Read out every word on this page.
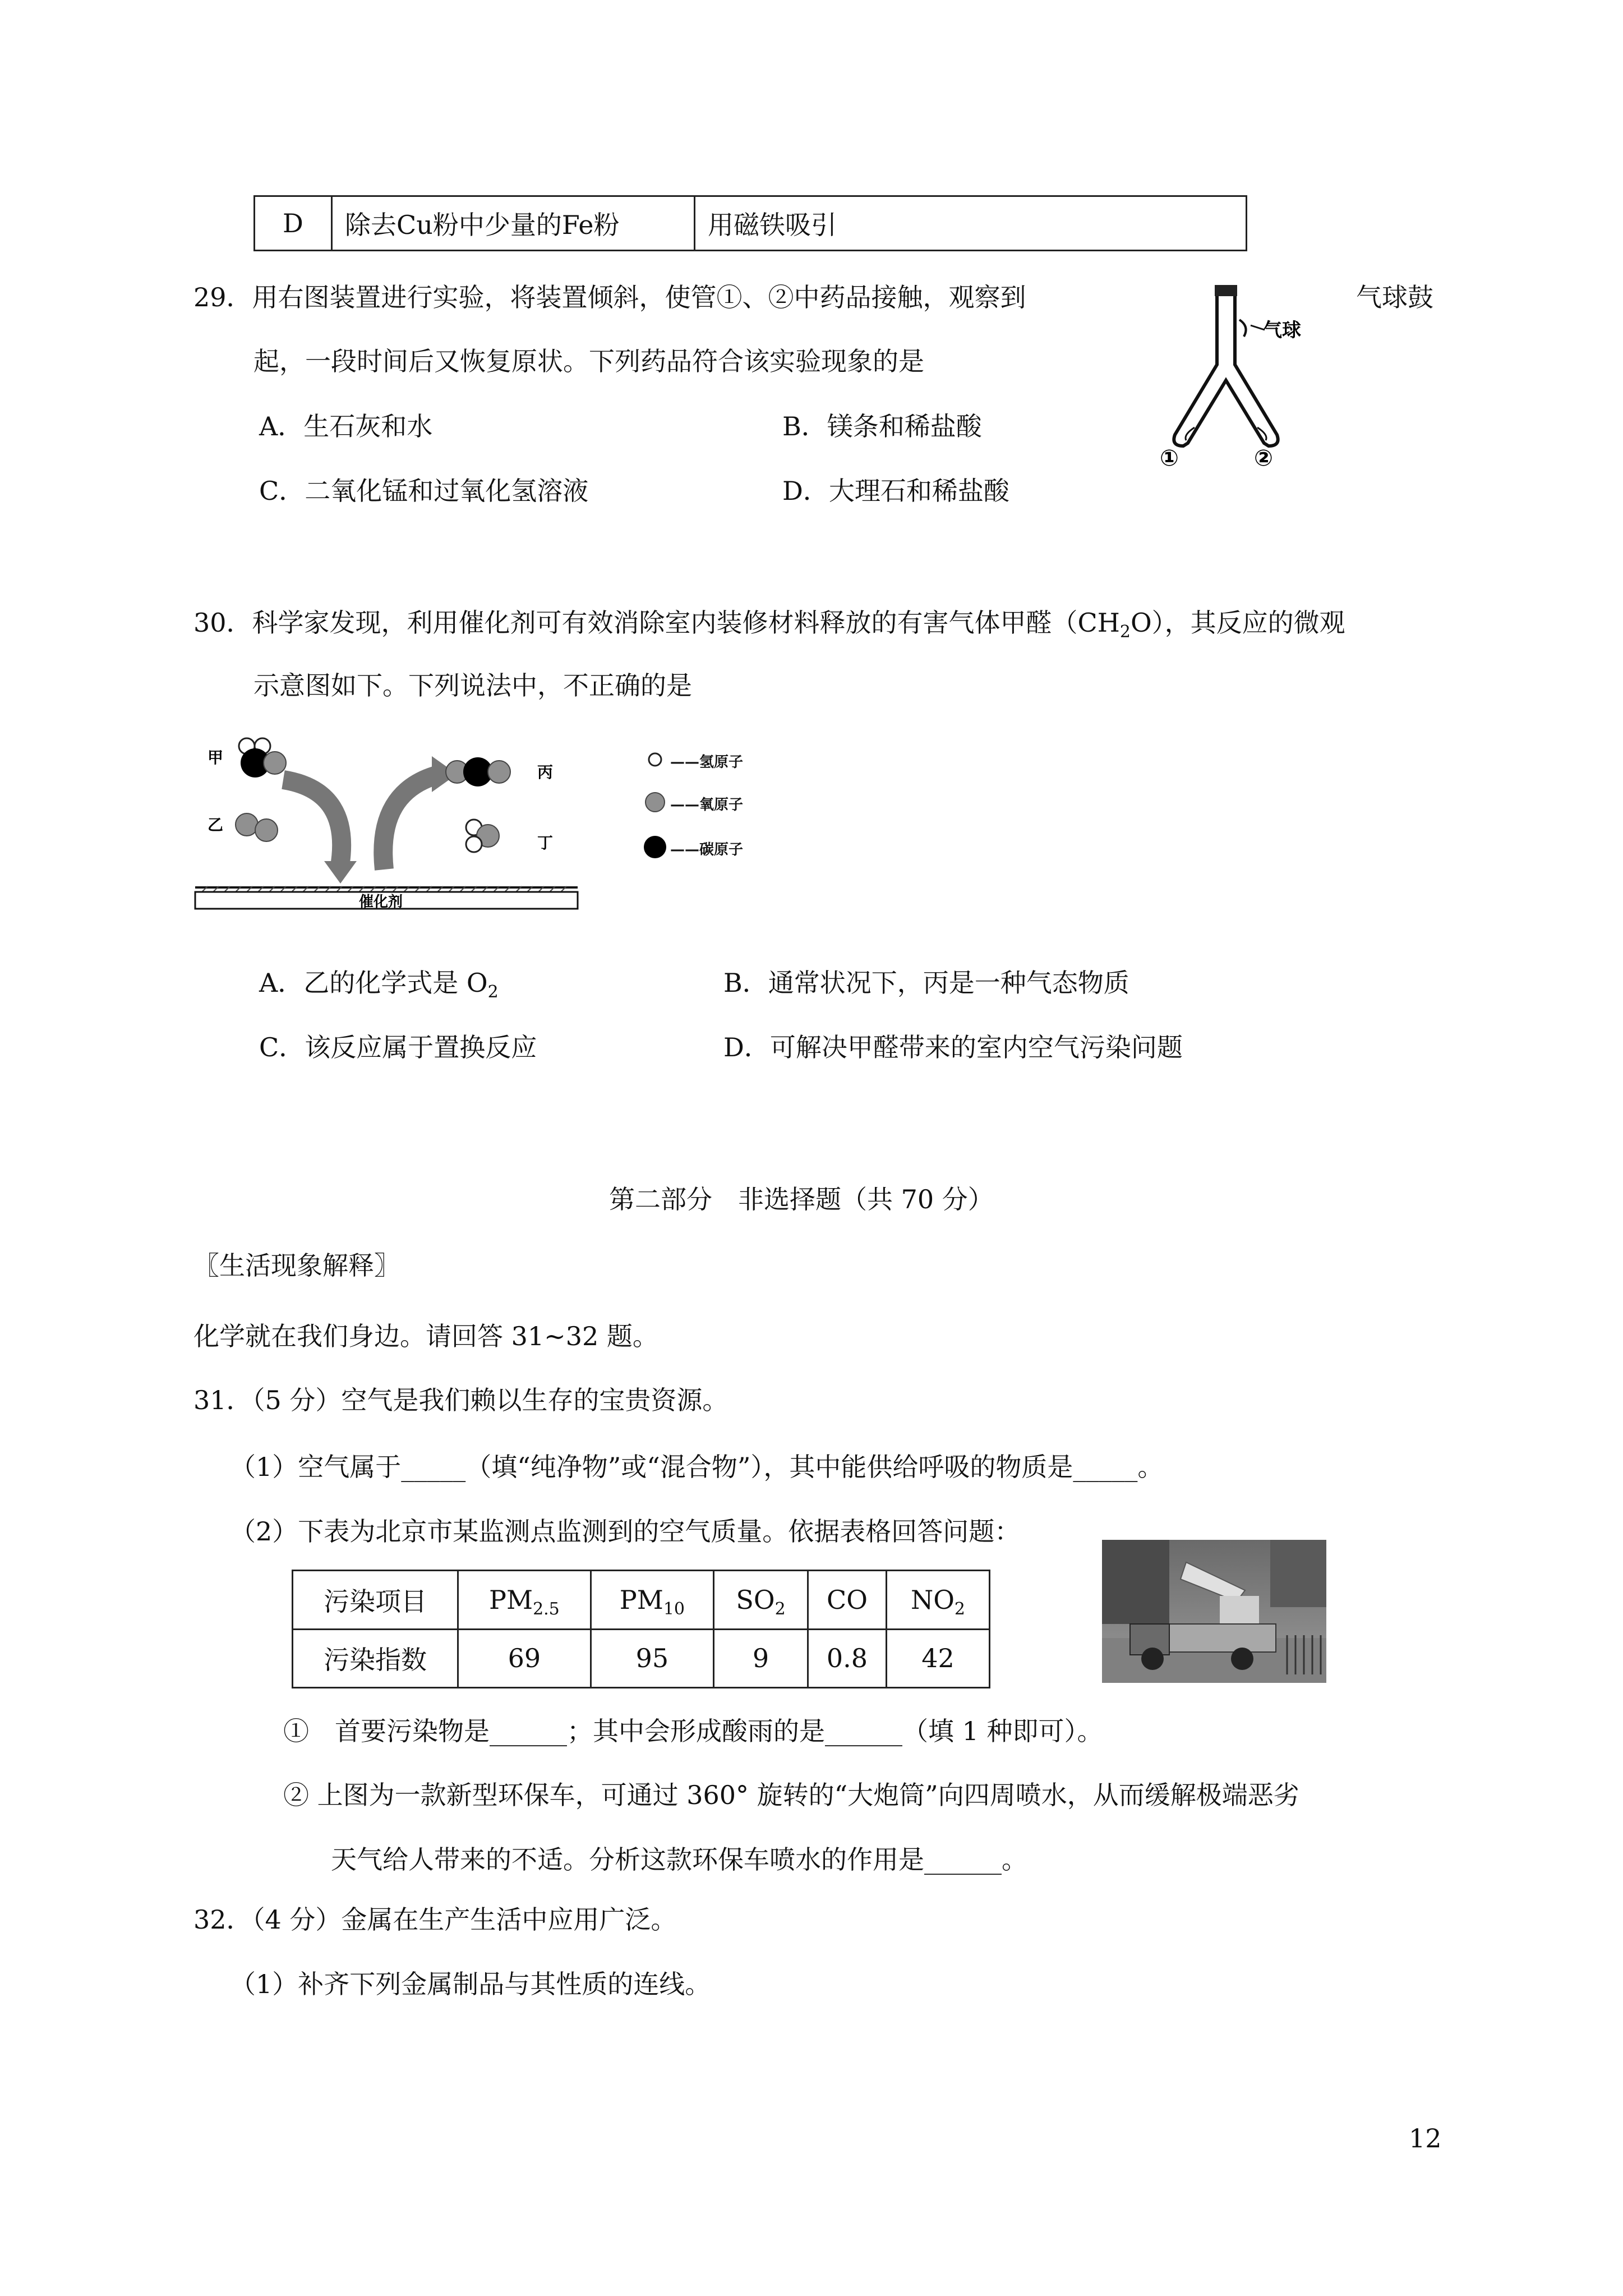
D	除去Cu粉中少量的Fe粉	用磁铁吸引
29．用右图装置进行实验，将装置倾斜，使管①、②中药品接触，观察到	气球鼓
起，一段时间后又恢复原状。下列药品符合该实验现象的是
A．生石灰和水	B．镁条和稀盐酸
C．二氧化锰和过氧化氢溶液	D．大理石和稀盐酸
气球
①	②
30．科学家发现，利用催化剂可有效消除室内装修材料释放的有害气体甲醛$(CH_2O)$，其反应的微观
示意图如下。下列说法中，不正确的是
甲
乙
丙
丁
催化剂
——氢原子
——氧原子
——碳原子
A．乙的化学式是 $O_2$	B．通常状况下，丙是一种气态物质
C．该反应属于置换反应	D．可解决甲醛带来的室内空气污染问题
第二部分　非选择题（共 70 分）
〖生活现象解释〗
化学就在我们身边。请回答 31~32 题。
31．（5 分）空气是我们赖以生存的宝贵资源。
（1）空气属于_____（填“纯净物”或“混合物”），其中能供给呼吸的物质是_____。
（2）下表为北京市某监测点监测到的空气质量。依据表格回答问题：
污染项目	$PM_{2.5}$	$PM_{10}$	$SO_2$	CO	$NO_2$
污染指数	69	95	9	0.8	42
①　首要污染物是______；其中会形成酸雨的是______（填 1 种即可）。
② 上图为一款新型环保车，可通过 360° 旋转的“大炮筒”向四周喷水，从而缓解极端恶劣
天气给人带来的不适。分析这款环保车喷水的作用是______。
32．（4 分）金属在生产生活中应用广泛。
（1）补齐下列金属制品与其性质的连线。
12
